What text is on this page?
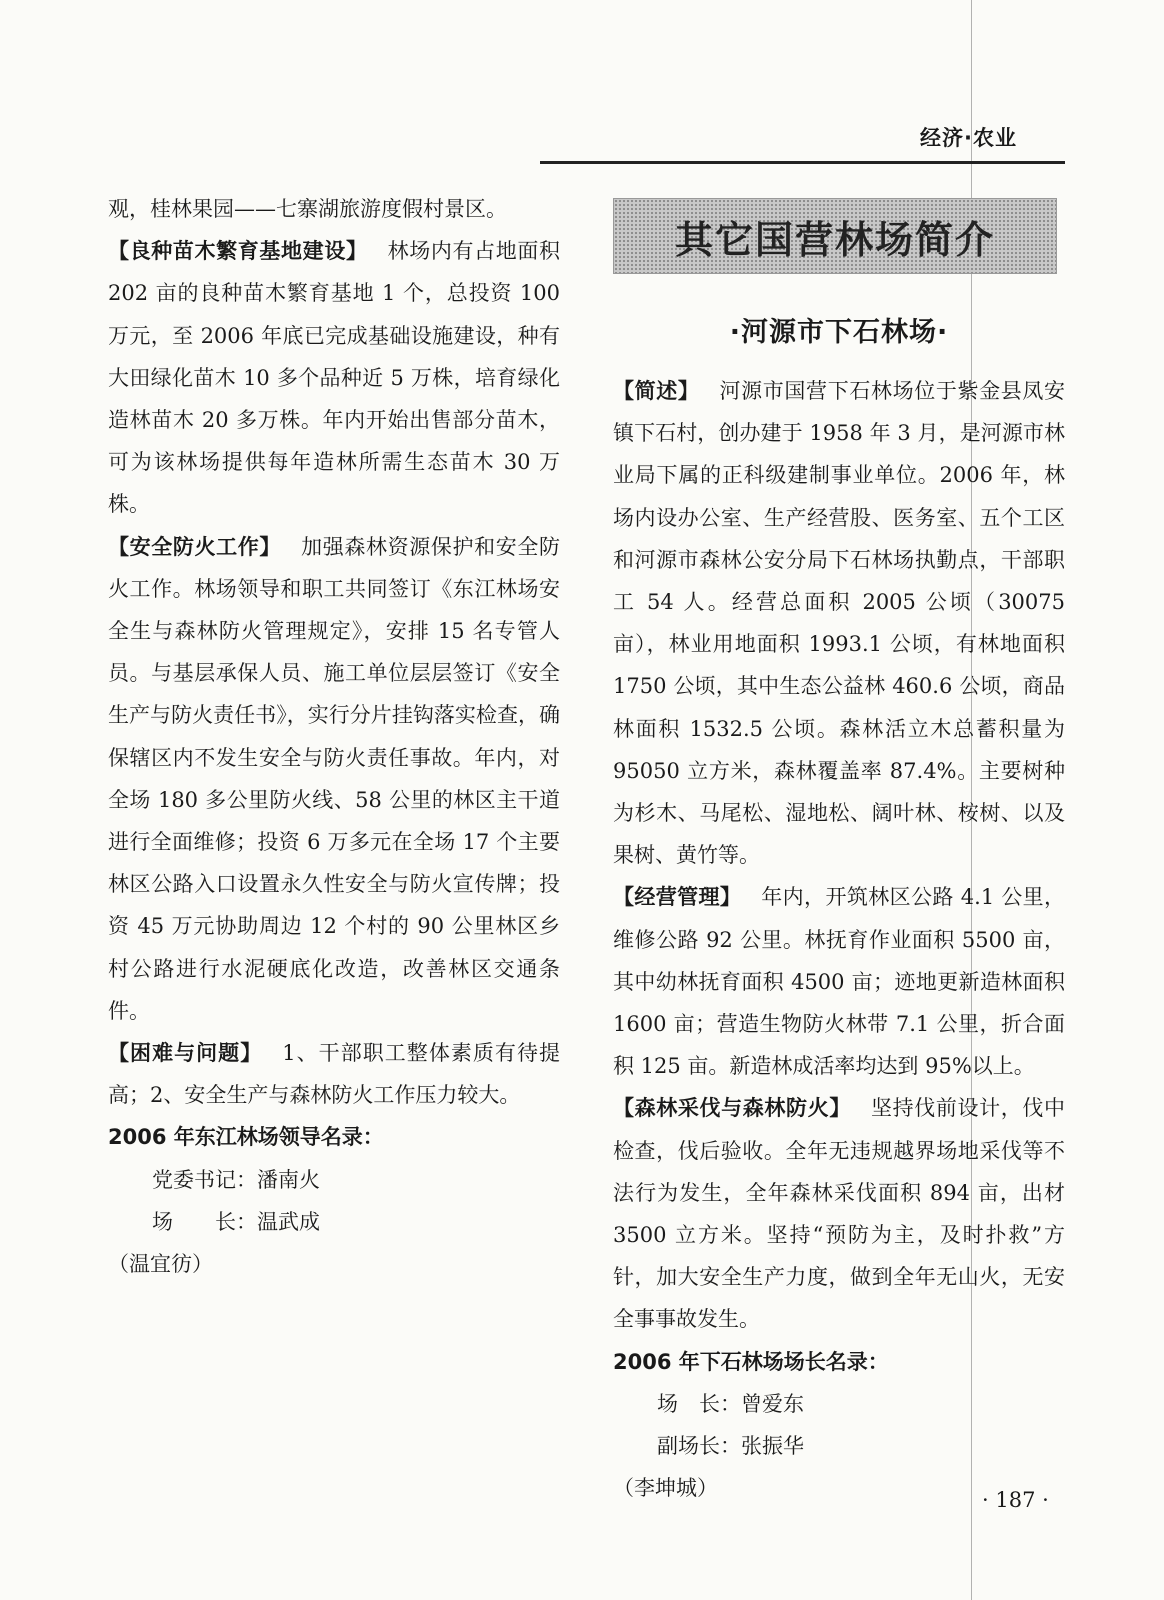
经济·农业

观，桂林果园——七寨湖旅游度假村景区。

【良种苗木繁育基地建设】 林场内有占地面积 202 亩的良种苗木繁育基地 1 个，总投资 100 万元，至 2006 年底已完成基础设施建设，种有大田绿化苗木 10 多个品种近 5 万株，培育绿化造林苗木 20 多万株。年内开始出售部分苗木，可为该林场提供每年造林所需生态苗木 30 万株。

【安全防火工作】 加强森林资源保护和安全防火工作。林场领导和职工共同签订《东江林场安全生与森林防火管理规定》，安排 15 名专管人员。与基层承保人员、施工单位层层签订《安全生产与防火责任书》，实行分片挂钩落实检查，确保辖区内不发生安全与防火责任事故。年内，对全场 180 多公里防火线、58 公里的林区主干道进行全面维修；投资 6 万多元在全场 17 个主要林区公路入口设置永久性安全与防火宣传牌；投资 45 万元协助周边 12 个村的 90 公里林区乡村公路进行水泥硬底化改造，改善林区交通条件。

【困难与问题】 1、干部职工整体素质有待提高；2、安全生产与森林防火工作压力较大。

2006 年东江林场领导名录：

党委书记：潘南火

场　　长：温武成

（温宜彷）

其它国营林场简介
·河源市下石林场·

【简述】 河源市国营下石林场位于紫金县凤安镇下石村，创办建于 1958 年 3 月，是河源市林业局下属的正科级建制事业单位。2006 年，林场内设办公室、生产经营股、医务室、五个工区和河源市森林公安分局下石林场执勤点，干部职工 54 人。经营总面积 2005 公顷（30075 亩），林业用地面积 1993.1 公顷，有林地面积 1750 公顷，其中生态公益林 460.6 公顷，商品林面积 1532.5 公顷。森林活立木总蓄积量为 95050 立方米，森林覆盖率 87.4%。主要树种为杉木、马尾松、湿地松、阔叶林、桉树、以及果树、黄竹等。

【经营管理】 年内，开筑林区公路 4.1 公里，维修公路 92 公里。林抚育作业面积 5500 亩，其中幼林抚育面积 4500 亩；迹地更新造林面积 1600 亩；营造生物防火林带 7.1 公里，折合面积 125 亩。新造林成活率均达到 95%以上。

【森林采伐与森林防火】 坚持伐前设计，伐中检查，伐后验收。全年无违规越界场地采伐等不法行为发生，全年森林采伐面积 894 亩，出材 3500 立方米。坚持“预防为主，及时扑救”方针，加大安全生产力度，做到全年无山火，无安全事事故发生。

2006 年下石林场场长名录：

场　长：曾爱东

副场长：张振华

（李坤城）	· 187 ·
